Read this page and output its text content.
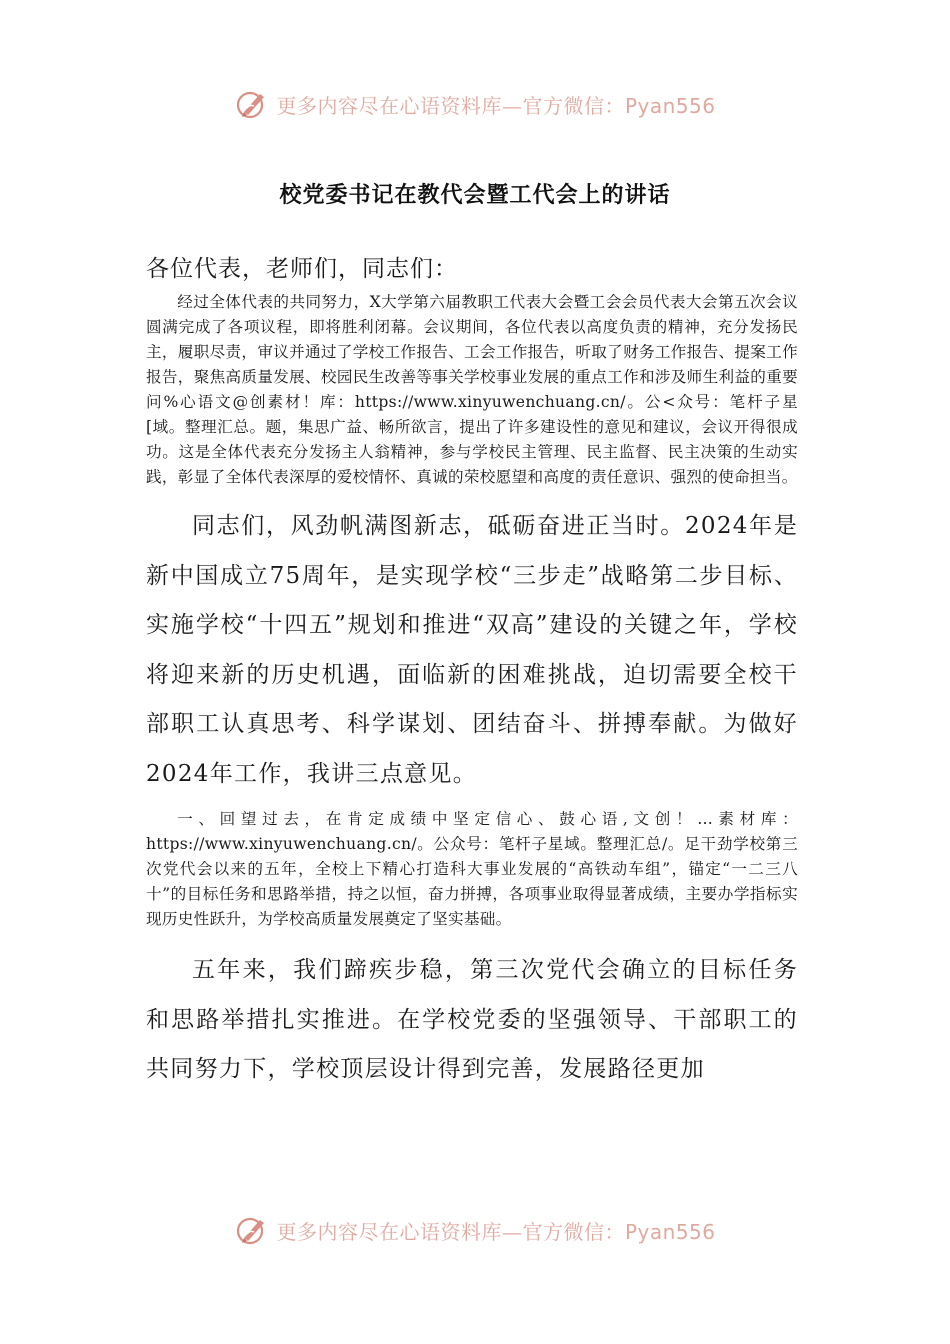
更多内容尽在心语资料库—官方微信：Pyan556
校党委书记在教代会暨工代会上的讲话

各位代表，老师们，同志们：

经过全体代表的共同努力，X大学第六届教职工代表大会暨工会会员代表大会第五次会议圆满完成了各项议程，即将胜利闭幕。会议期间，各位代表以高度负责的精神，充分发扬民主，履职尽责，审议并通过了学校工作报告、工会工作报告，听取了财务工作报告、提案工作报告，聚焦高质量发展、校园民生改善等事关学校事业发展的重点工作和涉及师生利益的重要问%心语文@创素材！库：https://www.xinyuwenchuang.cn/。公<众号：笔杆子星[域。整理汇总。题，集思广益、畅所欲言，提出了许多建设性的意见和建议，会议开得很成功。这是全体代表充分发扬主人翁精神，参与学校民主管理、民主监督、民主决策的生动实践，彰显了全体代表深厚的爱校情怀、真诚的荣校愿望和高度的责任意识、强烈的使命担当。

同志们，风劲帆满图新志，砥砺奋进正当时。2024年是新中国成立75周年，是实现学校“三步走”战略第二步目标、实施学校“十四五”规划和推进“双高”建设的关键之年，学校将迎来新的历史机遇，面临新的困难挑战，迫切需要全校干部职工认真思考、科学谋划、团结奋斗、拼搏奉献。为做好2024年工作，我讲三点意见。

一、回望过去，在肯定成绩中坚定信心、鼓心语,文创！…素材库：https://www.xinyuwenchuang.cn/。公众号：笔杆子星域。整理汇总/。足干劲学校第三次党代会以来的五年，全校上下精心打造科大事业发展的“高铁动车组”，锚定“一二三八十”的目标任务和思路举措，持之以恒，奋力拼搏，各项事业取得显著成绩，主要办学指标实现历史性跃升，为学校高质量发展奠定了坚实基础。

五年来，我们蹄疾步稳，第三次党代会确立的目标任务和思路举措扎实推进。在学校党委的坚强领导、干部职工的共同努力下，学校顶层设计得到完善，发展路径更加

更多内容尽在心语资料库—官方微信：Pyan556
